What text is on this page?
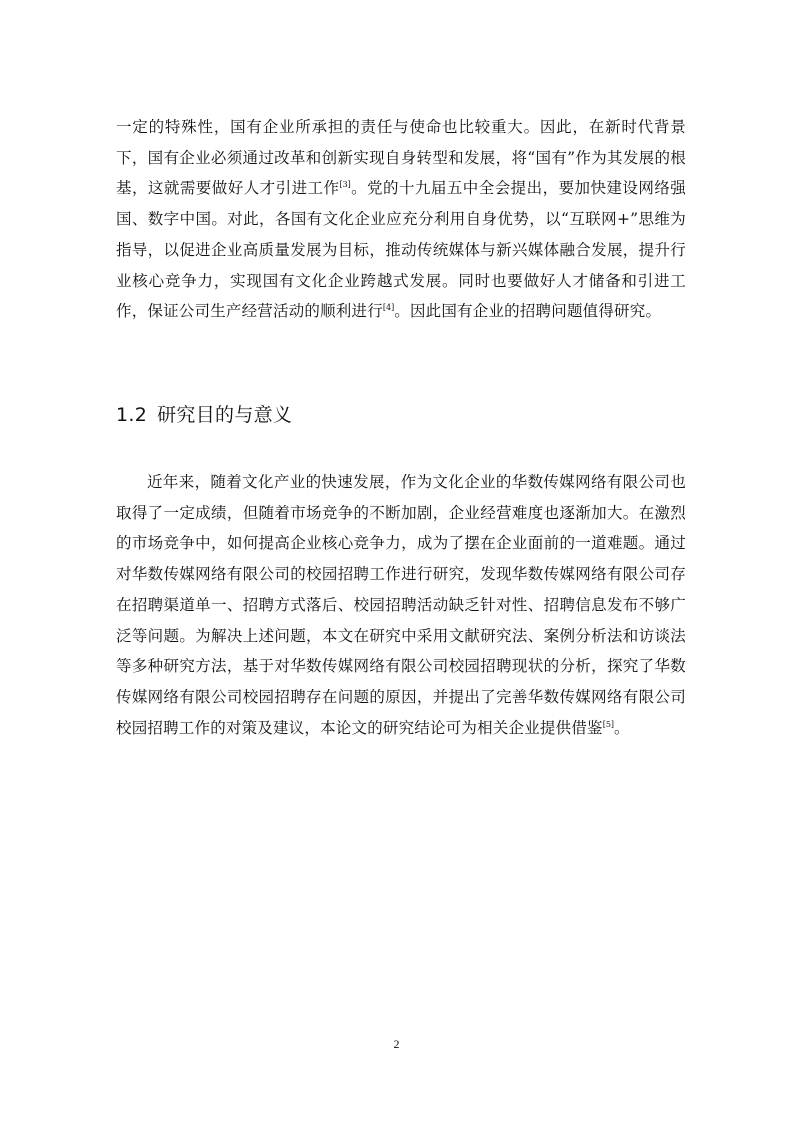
一定的特殊性，国有企业所承担的责任与使命也比较重大。因此，在新时代背景下，国有企业必须通过改革和创新实现自身转型和发展，将“国有”作为其发展的根基，这就需要做好人才引进工作[3]。党的十九届五中全会提出，要加快建设网络强国、数字中国。对此，各国有文化企业应充分利用自身优势，以“互联网+”思维为指导，以促进企业高质量发展为目标，推动传统媒体与新兴媒体融合发展，提升行业核心竞争力，实现国有文化企业跨越式发展。同时也要做好人才储备和引进工作，保证公司生产经营活动的顺利进行[4]。因此国有企业的招聘问题值得研究。

1.2 研究目的与意义

近年来，随着文化产业的快速发展，作为文化企业的华数传媒网络有限公司也取得了一定成绩，但随着市场竞争的不断加剧，企业经营难度也逐渐加大。在激烈的市场竞争中，如何提高企业核心竞争力，成为了摆在企业面前的一道难题。通过对华数传媒网络有限公司的校园招聘工作进行研究，发现华数传媒网络有限公司存在招聘渠道单一、招聘方式落后、校园招聘活动缺乏针对性、招聘信息发布不够广泛等问题。为解决上述问题，本文在研究中采用文献研究法、案例分析法和访谈法等多种研究方法，基于对华数传媒网络有限公司校园招聘现状的分析，探究了华数传媒网络有限公司校园招聘存在问题的原因，并提出了完善华数传媒网络有限公司校园招聘工作的对策及建议，本论文的研究结论可为相关企业提供借鉴[5]。

2
